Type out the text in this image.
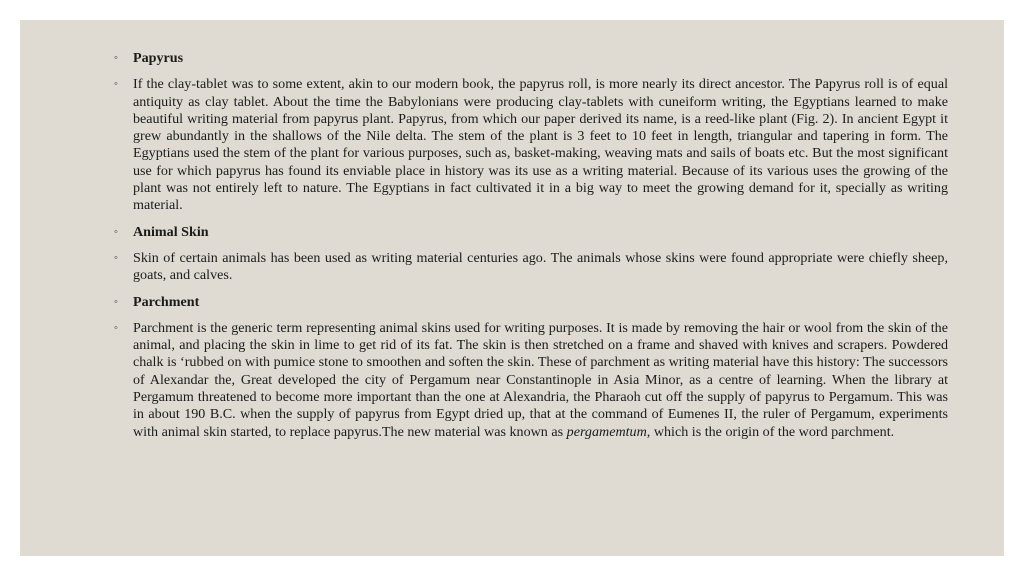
◦ Papyrus
◦ If the clay-tablet was to some extent, akin to our modern book, the papyrus roll, is more nearly its direct ancestor. The Papyrus roll is of equal antiquity as clay tablet. About the time the Babylonians were producing clay-tablets with cuneiform writing, the Egyptians learned to make beautiful writing material from papyrus plant. Papyrus, from which our paper derived its name, is a reed-like plant (Fig. 2). In ancient Egypt it grew abundantly in the shallows of the Nile delta. The stem of the plant is 3 feet to 10 feet in length, triangular and tapering in form. The Egyptians used the stem of the plant for various purposes, such as, basket-making, weaving mats and sails of boats etc. But the most significant use for which papyrus has found its enviable place in history was its use as a writing material. Because of its various uses the growing of the plant was not entirely left to nature. The Egyptians in fact cultivated it in a big way to meet the growing demand for it, specially as writing material.
◦ Animal Skin
◦ Skin of certain animals has been used as writing material centuries ago. The animals whose skins were found appropriate were chiefly sheep, goats, and calves.
◦ Parchment
◦ Parchment is the generic term representing animal skins used for writing purposes. It is made by removing the hair or wool from the skin of the animal, and placing the skin in lime to get rid of its fat. The skin is then stretched on a frame and shaved with knives and scrapers. Powdered chalk is ‘rubbed on with pumice stone to smoothen and soften the skin. These of parchment as writing material have this history: The successors of Alexandar the, Great developed the city of Pergamum near Constantinople in Asia Minor, as a centre of learning. When the library at Pergamum threatened to become more important than the one at Alexandria, the Pharaoh cut off the supply of papyrus to Pergamum. This was in about 190 B.C. when the supply of papyrus from Egypt dried up, that at the command of Eumenes II, the ruler of Pergamum, experiments with animal skin started, to replace papyrus.The new material was known as pergamemtum, which is the origin of the word parchment.
